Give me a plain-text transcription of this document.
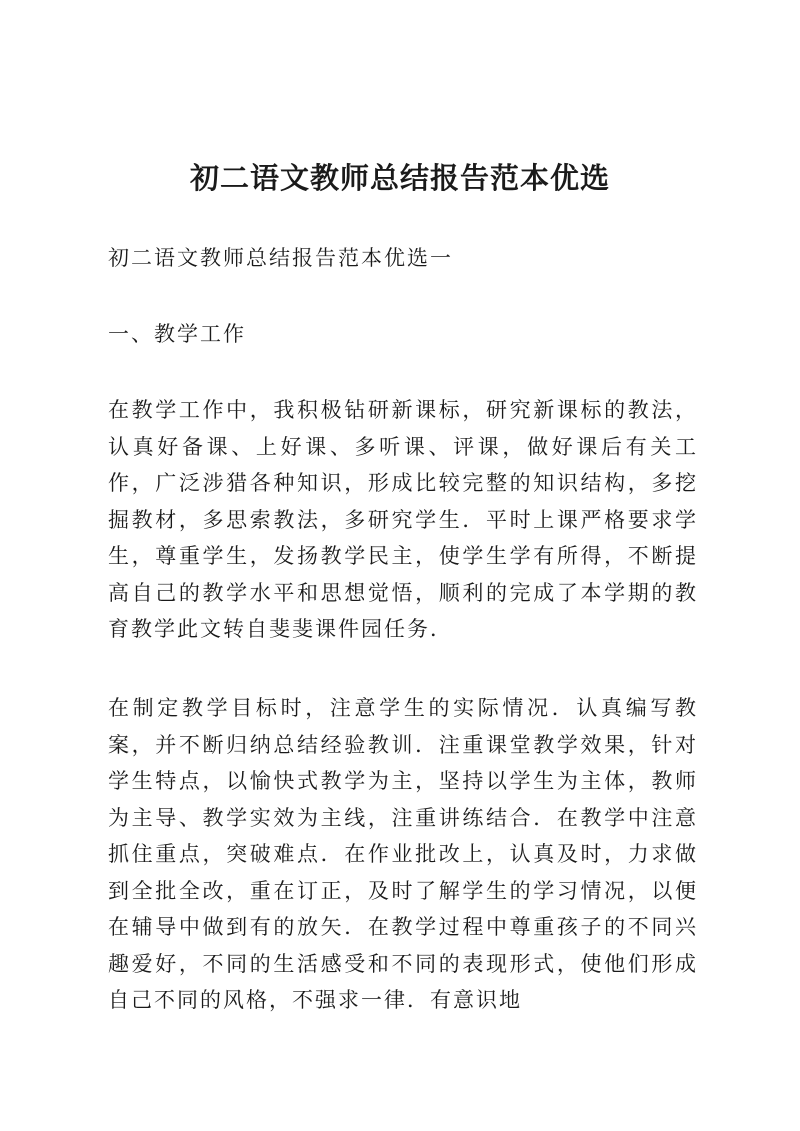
初二语文教师总结报告范本优选
初二语文教师总结报告范本优选一
一、教学工作
在教学工作中，我积极钻研新课标，研究新课标的教法，认真好备课、上好课、多听课、评课，做好课后有关工作，广泛涉猎各种知识，形成比较完整的知识结构，多挖掘教材，多思索教法，多研究学生．平时上课严格要求学生，尊重学生，发扬教学民主，使学生学有所得，不断提高自己的教学水平和思想觉悟，顺利的完成了本学期的教育教学此文转自斐斐课件园任务．
在制定教学目标时，注意学生的实际情况．认真编写教案，并不断归纳总结经验教训．注重课堂教学效果，针对学生特点，以愉快式教学为主，坚持以学生为主体，教师为主导、教学实效为主线，注重讲练结合．在教学中注意抓住重点，突破难点．在作业批改上，认真及时，力求做到全批全改，重在订正，及时了解学生的学习情况，以便在辅导中做到有的放矢．在教学过程中尊重孩子的不同兴趣爱好，不同的生活感受和不同的表现形式，使他们形成自己不同的风格，不强求一律．有意识地
